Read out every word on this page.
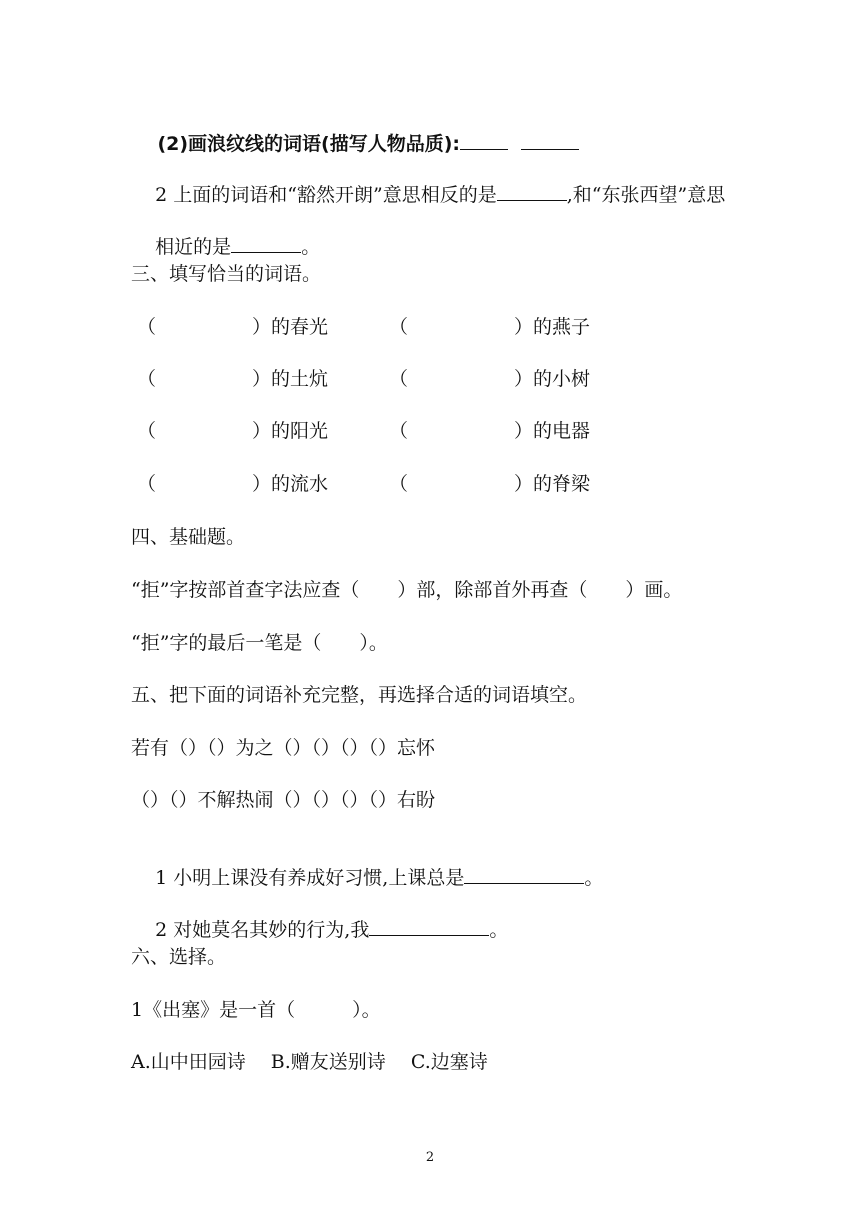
(2)画浪纹线的词语(描写人物品质):

2 上面的词语和“豁然开朗”意思相反的是	,和“东张西望”意思

相近的是	。

三、填写恰当的词语。
（	）的春光	（	）的燕子
（	）的土炕	（	）的小树
（	）的阳光	（	）的电器
（	）的流水	（	）的脊梁
四、基础题。
“拒”字按部首查字法应查（　　）部，除部首外再查（　　）画。
“拒”字的最后一笔是（　　）。
五、把下面的词语补充完整，再选择合适的词语填空。
若有（）（）为之（）（）（）（）忘怀
（）（）不解热闹（）（）（）（）右盼

1 小明上课没有养成好习惯,上课总是	。

2 对她莫名其妙的行为,我	。

六、选择。
1《出塞》是一首（　　　）。
A.山中田园诗　 B.赠友送别诗　 C.边塞诗
2
